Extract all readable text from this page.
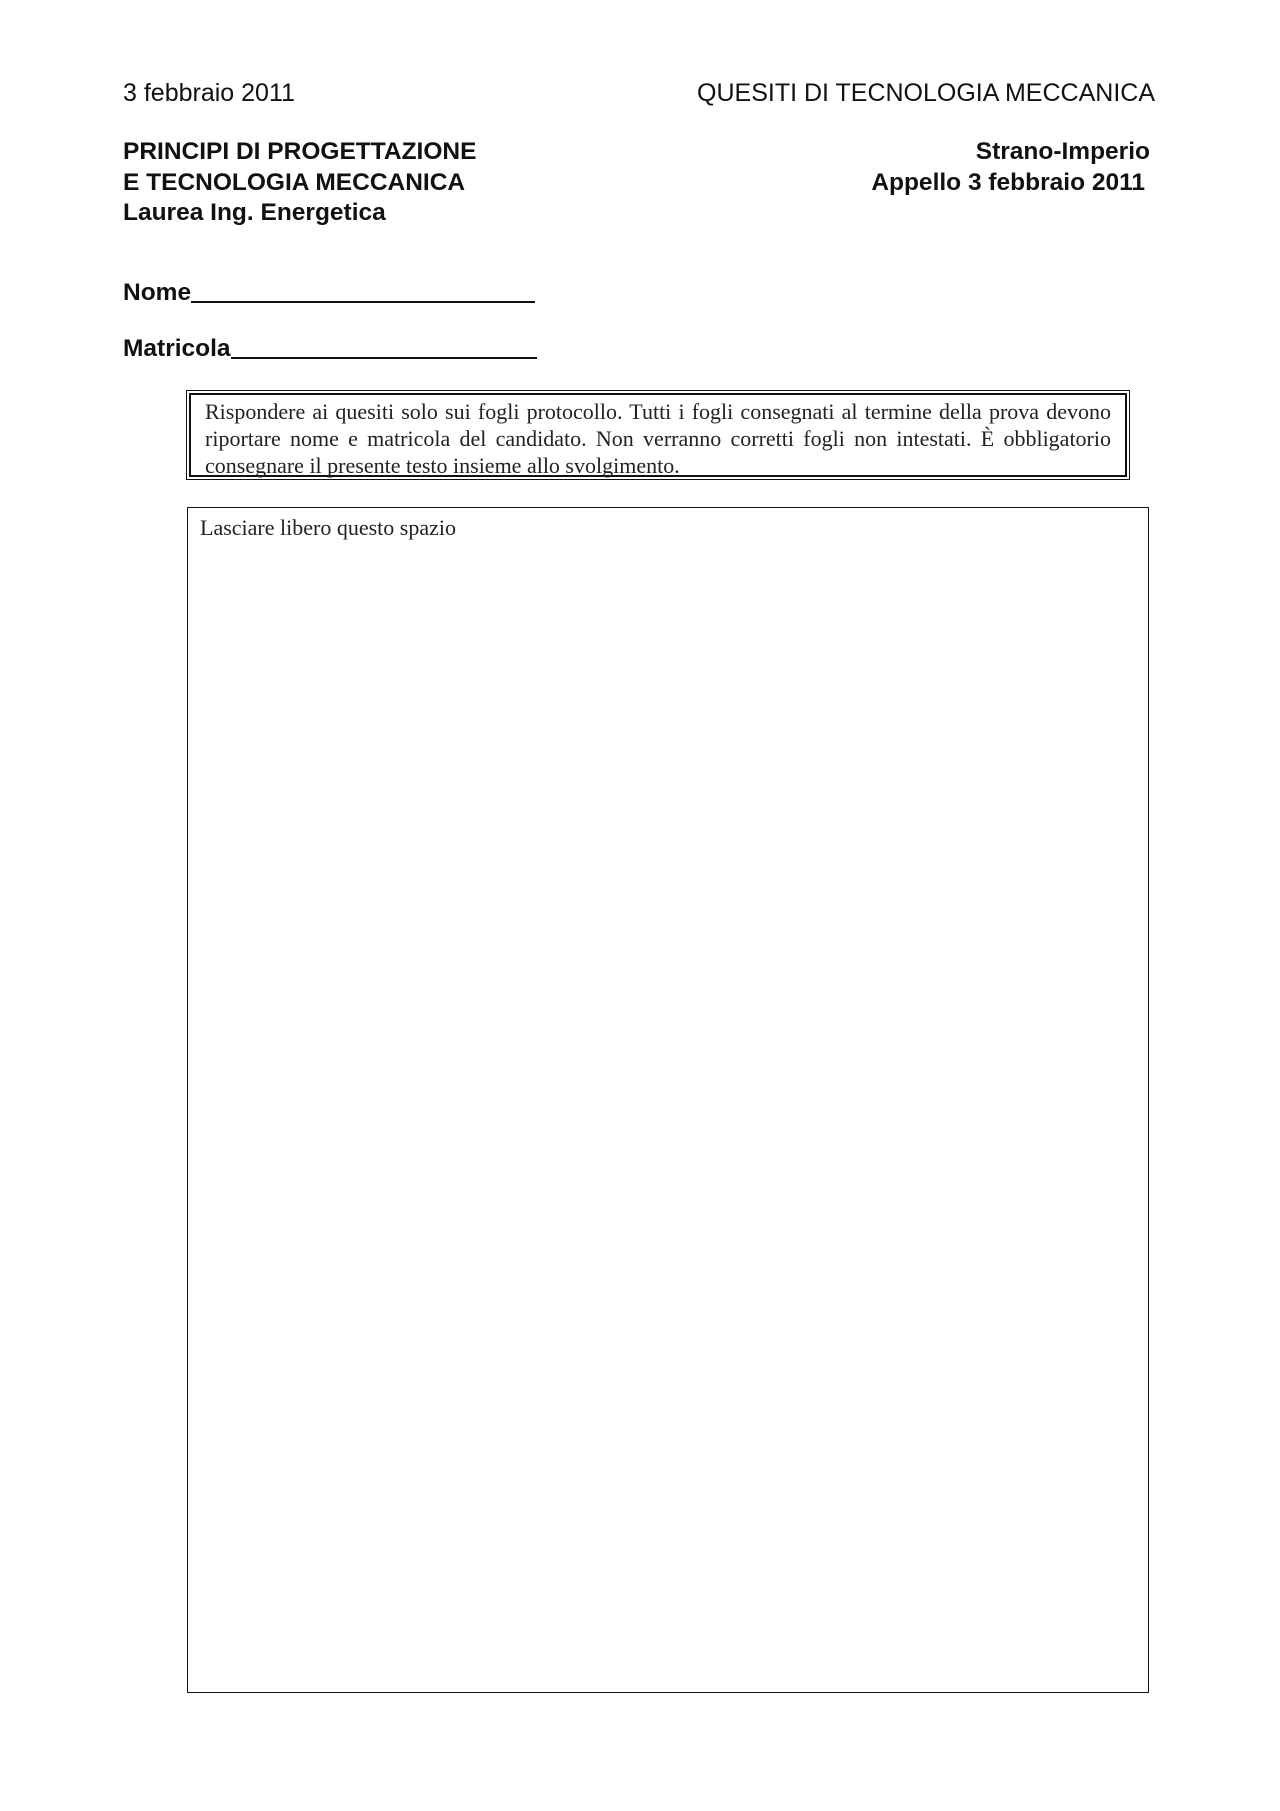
3 febbraio 2011	QUESITI DI TECNOLOGIA MECCANICA
PRINCIPI DI PROGETTAZIONE
E TECNOLOGIA MECCANICA
Laurea Ing. Energetica
Strano-Imperio
Appello 3 febbraio 2011
Nome
Matricola
Rispondere ai quesiti solo sui fogli protocollo. Tutti i fogli consegnati al termine della prova devono riportare nome e matricola del candidato. Non verranno corretti fogli non intestati. È obbligatorio consegnare il presente testo insieme allo svolgimento.
Lasciare libero questo spazio
